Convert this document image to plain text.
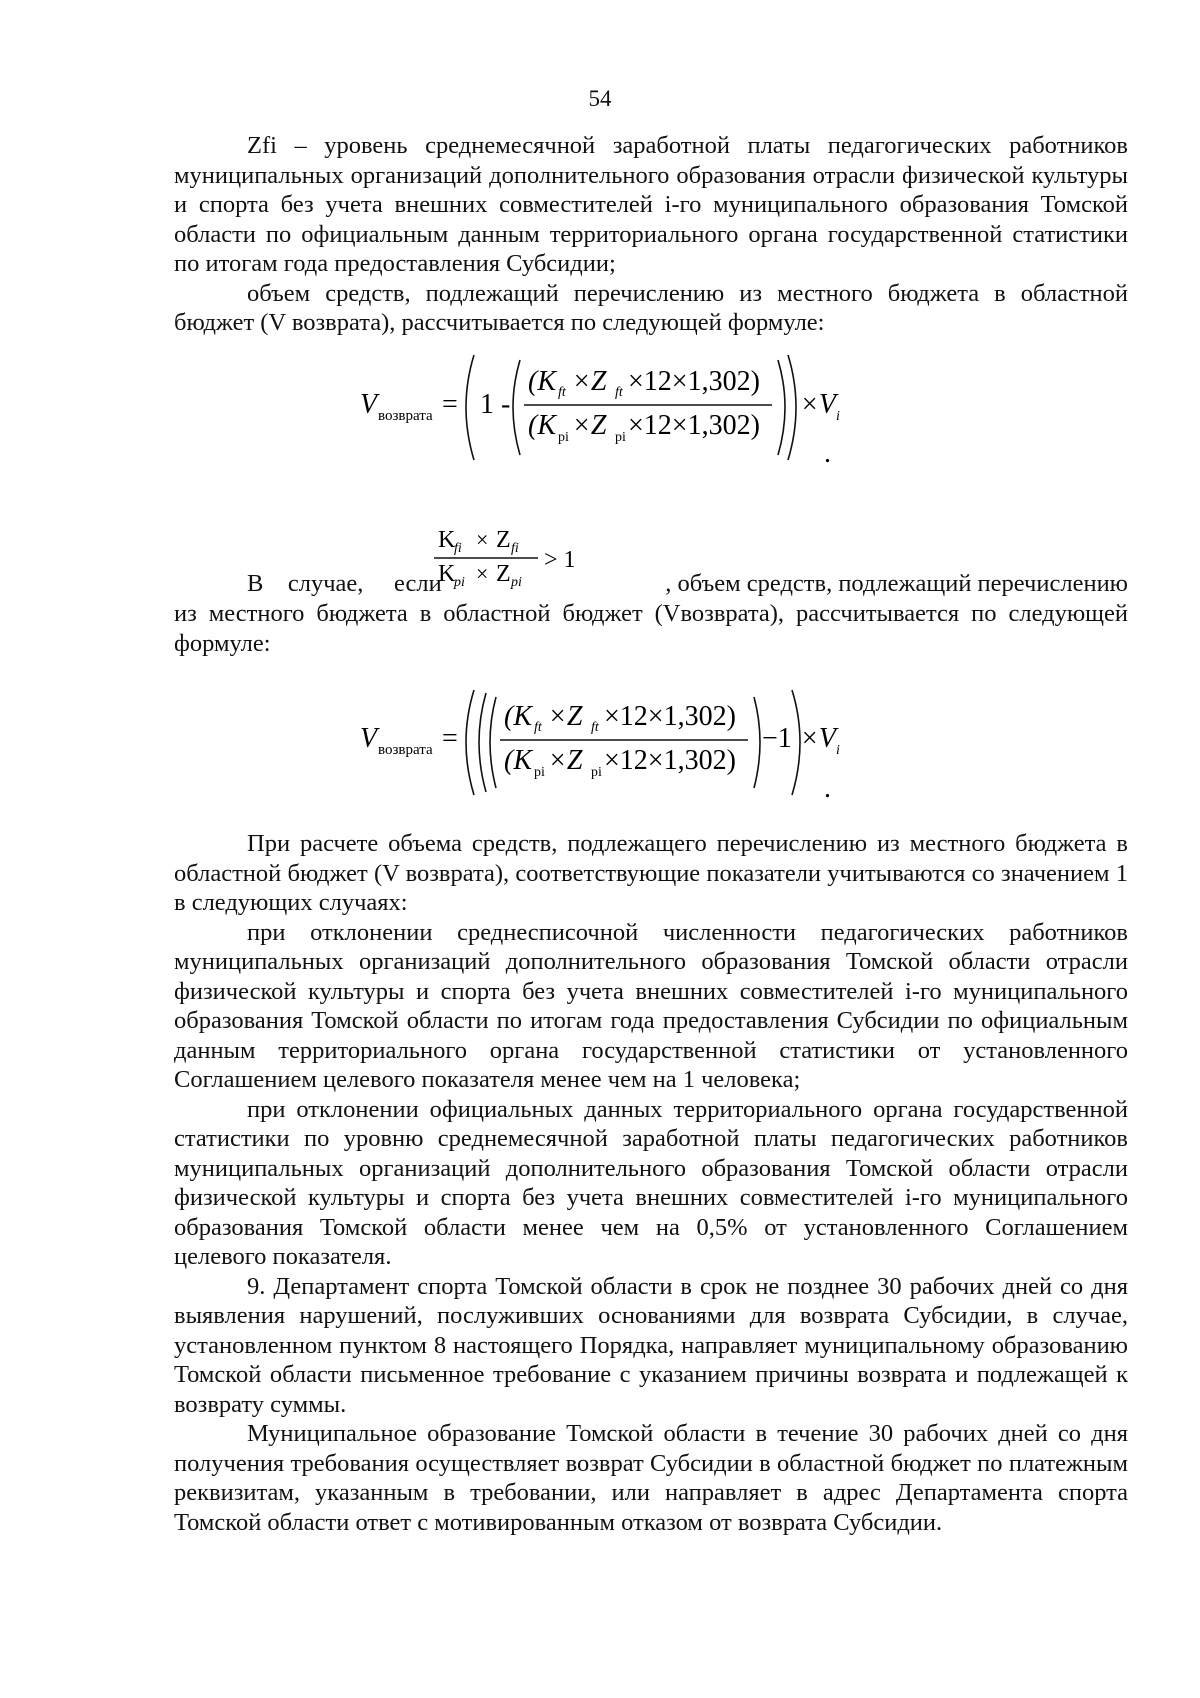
54

Zfi – уровень среднемесячной заработной платы педагогических работников муниципальных организаций дополнительного образования отрасли физической культуры и спорта без учета внешних совместителей i-го муниципального образования Томской области по официальным данным территориального органа государственной статистики по итогам года предоставления Субсидии;

объем средств, подлежащий перечислению из местного бюджета в областной бюджет (V возврата), рассчитывается по следующей формуле:

V возврата = 1 -
(K ft ×Z ft ×12×1,302)
(K pi ×Z pi ×12×1,302)
×V i
.
В случае, если
K
fi × Z fi
K
pi × Z pi
> 1
, объем средств, подлежащий перечислению

из местного бюджета в областной бюджет (Vвозврата), рассчитывается по следующей формуле:

V возврата =
(K ft ×Z ft ×12×1,302)
(K pi ×Z pi ×12×1,302)
−1 ×V i
.

При расчете объема средств, подлежащего перечислению из местного бюджета в областной бюджет (V возврата), соответствующие показатели учитываются со значением 1 в следующих случаях:

при отклонении среднесписочной численности педагогических работников муниципальных организаций дополнительного образования Томской области отрасли физической культуры и спорта без учета внешних совместителей i-го муниципального образования Томской области по итогам года предоставления Субсидии по официальным данным территориального органа государственной статистики от установленного Соглашением целевого показателя менее чем на 1 человека;

при отклонении официальных данных территориального органа государственной статистики по уровню среднемесячной заработной платы педагогических работников муниципальных организаций дополнительного образования Томской области отрасли физической культуры и спорта без учета внешних совместителей i-го муниципального образования Томской области менее чем на 0,5% от установленного Соглашением целевого показателя.

9. Департамент спорта Томской области в срок не позднее 30 рабочих дней со дня выявления нарушений, послуживших основаниями для возврата Субсидии, в случае, установленном пунктом 8 настоящего Порядка, направляет муниципальному образованию Томской области письменное требование с указанием причины возврата и подлежащей к возврату суммы.

Муниципальное образование Томской области в течение 30 рабочих дней со дня получения требования осуществляет возврат Субсидии в областной бюджет по платежным реквизитам, указанным в требовании, или направляет в адрес Департамента спорта Томской области ответ с мотивированным отказом от возврата Субсидии.
